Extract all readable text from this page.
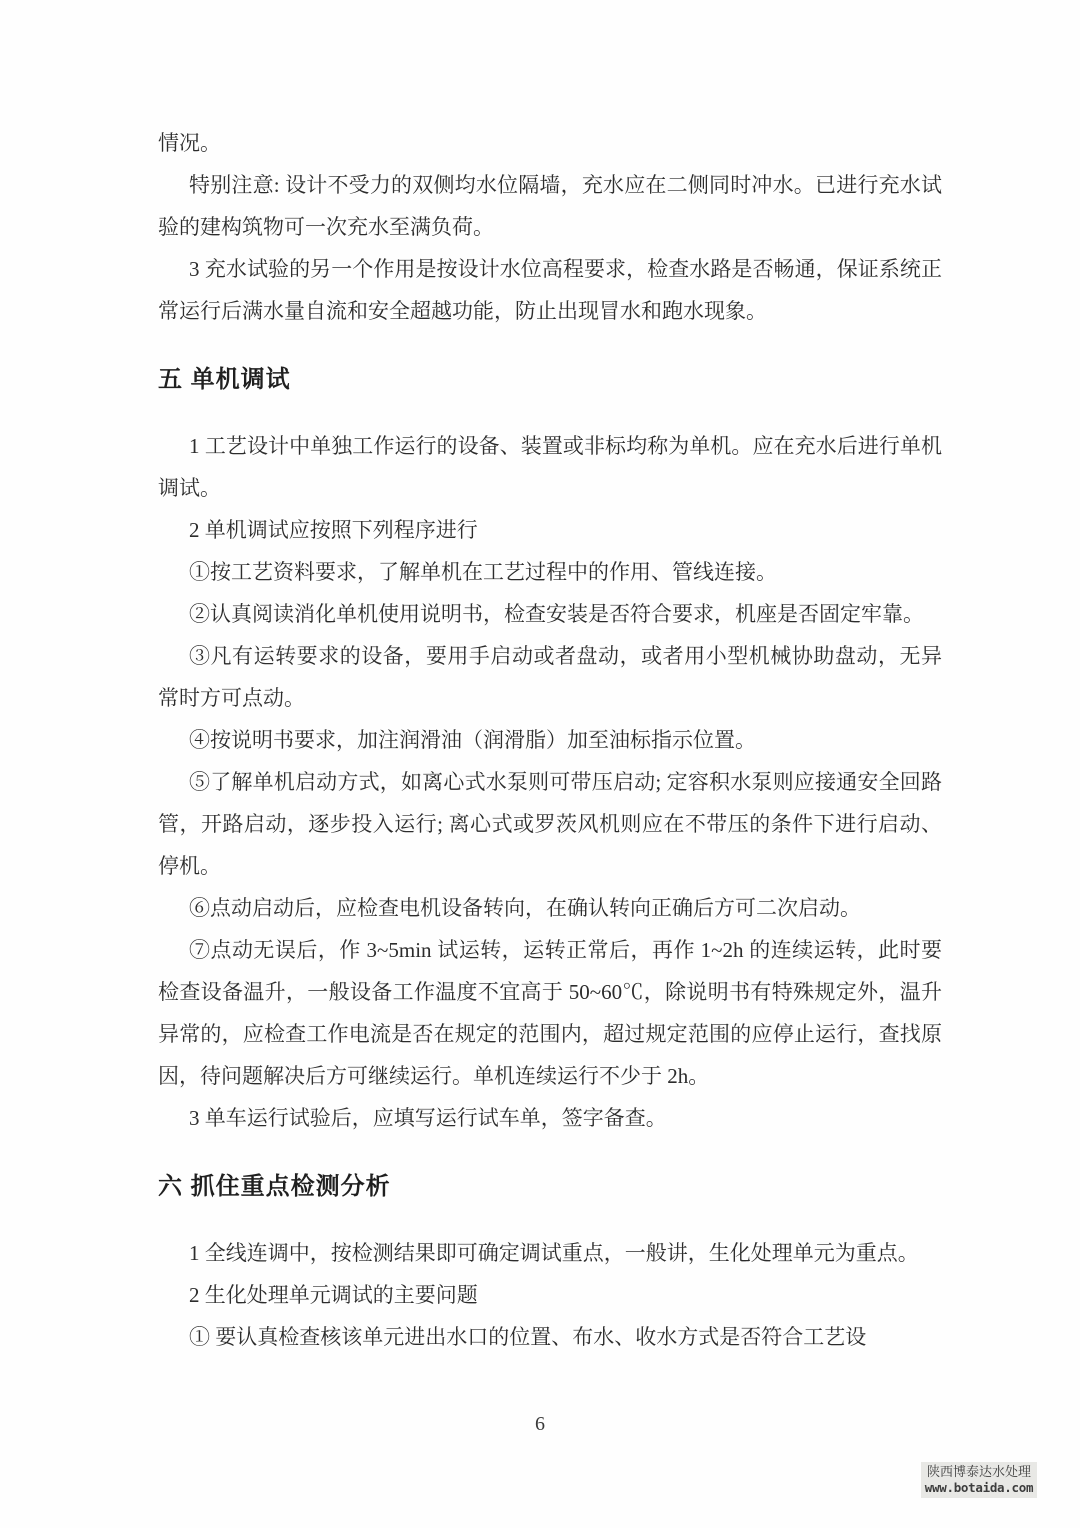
情况。

特别注意: 设计不受力的双侧均水位隔墙，充水应在二侧同时冲水。已进行充水试验的建构筑物可一次充水至满负荷。

3 充水试验的另一个作用是按设计水位高程要求，检查水路是否畅通，保证系统正常运行后满水量自流和安全超越功能，防止出现冒水和跑水现象。

五 单机调试

1 工艺设计中单独工作运行的设备、装置或非标均称为单机。应在充水后进行单机调试。

2 单机调试应按照下列程序进行

①按工艺资料要求，了解单机在工艺过程中的作用、管线连接。

②认真阅读消化单机使用说明书，检查安装是否符合要求，机座是否固定牢靠。

③凡有运转要求的设备，要用手启动或者盘动，或者用小型机械协助盘动，无异常时方可点动。

④按说明书要求，加注润滑油（润滑脂）加至油标指示位置。

⑤了解单机启动方式，如离心式水泵则可带压启动; 定容积水泵则应接通安全回路管，开路启动，逐步投入运行; 离心式或罗茨风机则应在不带压的条件下进行启动、停机。

⑥点动启动后，应检查电机设备转向，在确认转向正确后方可二次启动。

⑦点动无误后，作 3~5min 试运转，运转正常后，再作 1~2h 的连续运转，此时要检查设备温升，一般设备工作温度不宜高于 50~60℃，除说明书有特殊规定外，温升异常的，应检查工作电流是否在规定的范围内，超过规定范围的应停止运行，查找原因，待问题解决后方可继续运行。单机连续运行不少于 2h。

3 单车运行试验后，应填写运行试车单，签字备查。

六 抓住重点检测分析

1 全线连调中，按检测结果即可确定调试重点，一般讲，生化处理单元为重点。

2 生化处理单元调试的主要问题

① 要认真检查核该单元进出水口的位置、布水、收水方式是否符合工艺设

6
陕西博泰达水处理
www.botaida.com
